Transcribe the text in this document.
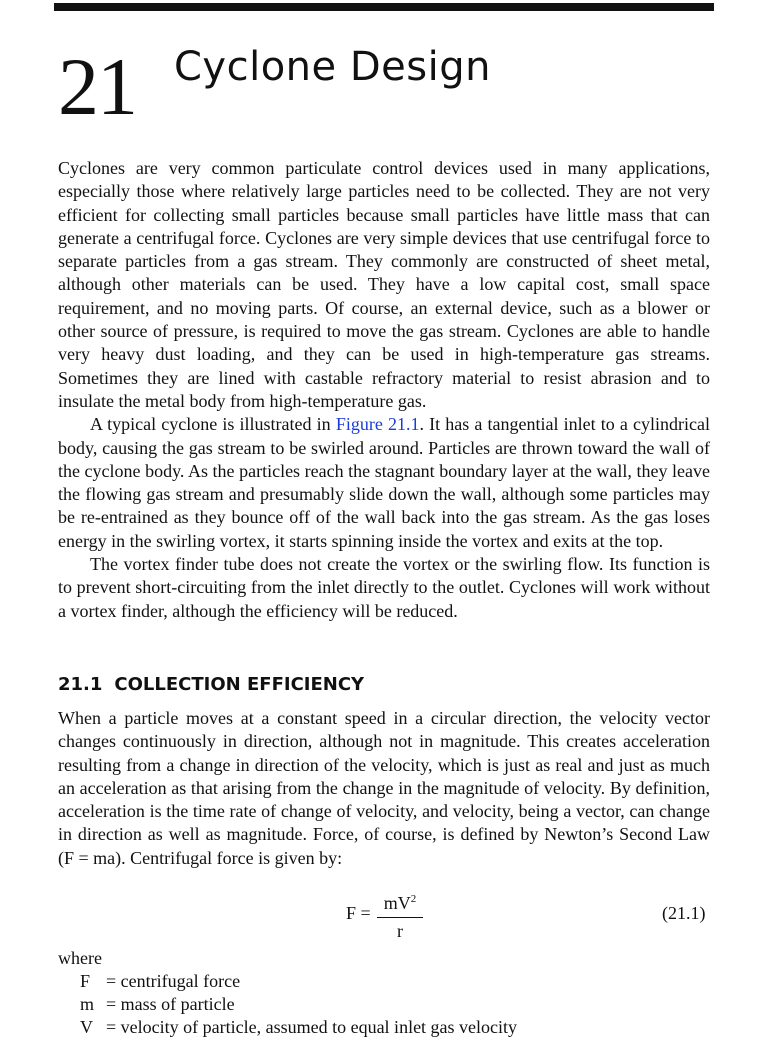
21 Cyclone Design

Cyclones are very common particulate control devices used in many applications, especially those where relatively large particles need to be collected. They are not very efficient for collecting small particles because small particles have little mass that can generate a centrifugal force. Cyclones are very simple devices that use centrifugal force to separate particles from a gas stream. They commonly are constructed of sheet metal, although other materials can be used. They have a low capital cost, small space requirement, and no moving parts. Of course, an external device, such as a blower or other source of pressure, is required to move the gas stream. Cyclones are able to handle very heavy dust loading, and they can be used in high-temperature gas streams. Sometimes they are lined with castable refractory material to resist abrasion and to insulate the metal body from high-temperature gas.

A typical cyclone is illustrated in Figure 21.1. It has a tangential inlet to a cylindrical body, causing the gas stream to be swirled around. Particles are thrown toward the wall of the cyclone body. As the particles reach the stagnant boundary layer at the wall, they leave the flowing gas stream and presumably slide down the wall, although some particles may be re-entrained as they bounce off of the wall back into the gas stream. As the gas loses energy in the swirling vortex, it starts spinning inside the vortex and exits at the top.

The vortex finder tube does not create the vortex or the swirling flow. Its function is to prevent short-circuiting from the inlet directly to the outlet. Cyclones will work without a vortex finder, although the efficiency will be reduced.

21.1 COLLECTION EFFICIENCY

When a particle moves at a constant speed in a circular direction, the velocity vector changes continuously in direction, although not in magnitude. This creates acceleration resulting from a change in direction of the velocity, which is just as real and just as much an acceleration as that arising from the change in the magnitude of velocity. By definition, acceleration is the time rate of change of velocity, and velocity, being a vector, can change in direction as well as magnitude. Force, of course, is defined by Newton’s Second Law (F = ma). Centrifugal force is given by:

$F = mV^2$
r
(21.1)
where
F = centrifugal force
m = mass of particle
V = velocity of particle, assumed to equal inlet gas velocity
